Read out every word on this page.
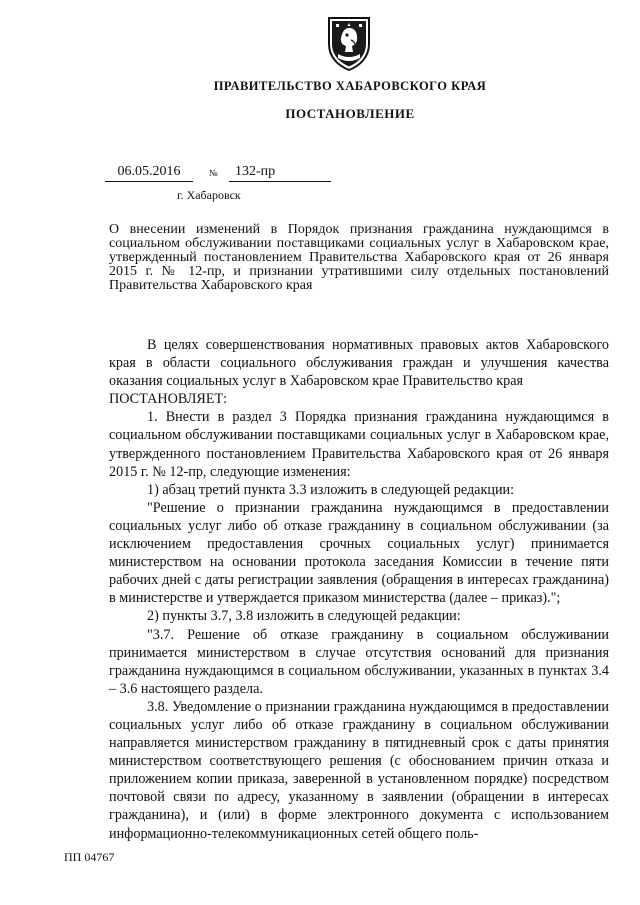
ПРАВИТЕЛЬСТВО ХАБАРОВСКОГО КРАЯ
ПОСТАНОВЛЕНИЕ
06.05.2016	№	132-пр
г. Хабаровск
О внесении изменений в Порядок признания гражданина нуждающимся в социальном обслуживании поставщиками социальных услуг в Хабаровском крае, утвержденный постановлением Правительства Хабаровского края от 26 января 2015 г. № 12-пр, и признании утратившими силу отдельных постановлений Правительства Хабаровского края

В целях совершенствования нормативных правовых актов Хабаровского края в области социального обслуживания граждан и улучшения качества оказания социальных услуг в Хабаровском крае Правительство края

ПОСТАНОВЛЯЕТ:

1. Внести в раздел 3 Порядка признания гражданина нуждающимся в социальном обслуживании поставщиками социальных услуг в Хабаровском крае, утвержденного постановлением Правительства Хабаровского края от 26 января 2015 г. № 12-пр, следующие изменения:

1) абзац третий пункта 3.3 изложить в следующей редакции:

"Решение о признании гражданина нуждающимся в предоставлении социальных услуг либо об отказе гражданину в социальном обслуживании (за исключением предоставления срочных социальных услуг) принимается министерством на основании протокола заседания Комиссии в течение пяти рабочих дней с даты регистрации заявления (обращения в интересах гражданина) в министерстве и утверждается приказом министерства (далее – приказ).";

2) пункты 3.7, 3.8 изложить в следующей редакции:

"3.7. Решение об отказе гражданину в социальном обслуживании принимается министерством в случае отсутствия оснований для признания гражданина нуждающимся в социальном обслуживании, указанных в пунктах 3.4 – 3.6 настоящего раздела.

3.8. Уведомление о признании гражданина нуждающимся в предоставлении социальных услуг либо об отказе гражданину в социальном обслуживании направляется министерством гражданину в пятидневный срок с даты принятия министерством соответствующего решения (с обоснованием причин отказа и приложением копии приказа, заверенной в установленном порядке) посредством почтовой связи по адресу, указанному в заявлении (обращении в интересах гражданина), и (или) в форме электронного документа с использованием информационно-телекоммуникационных сетей общего поль-

ПП 04767
